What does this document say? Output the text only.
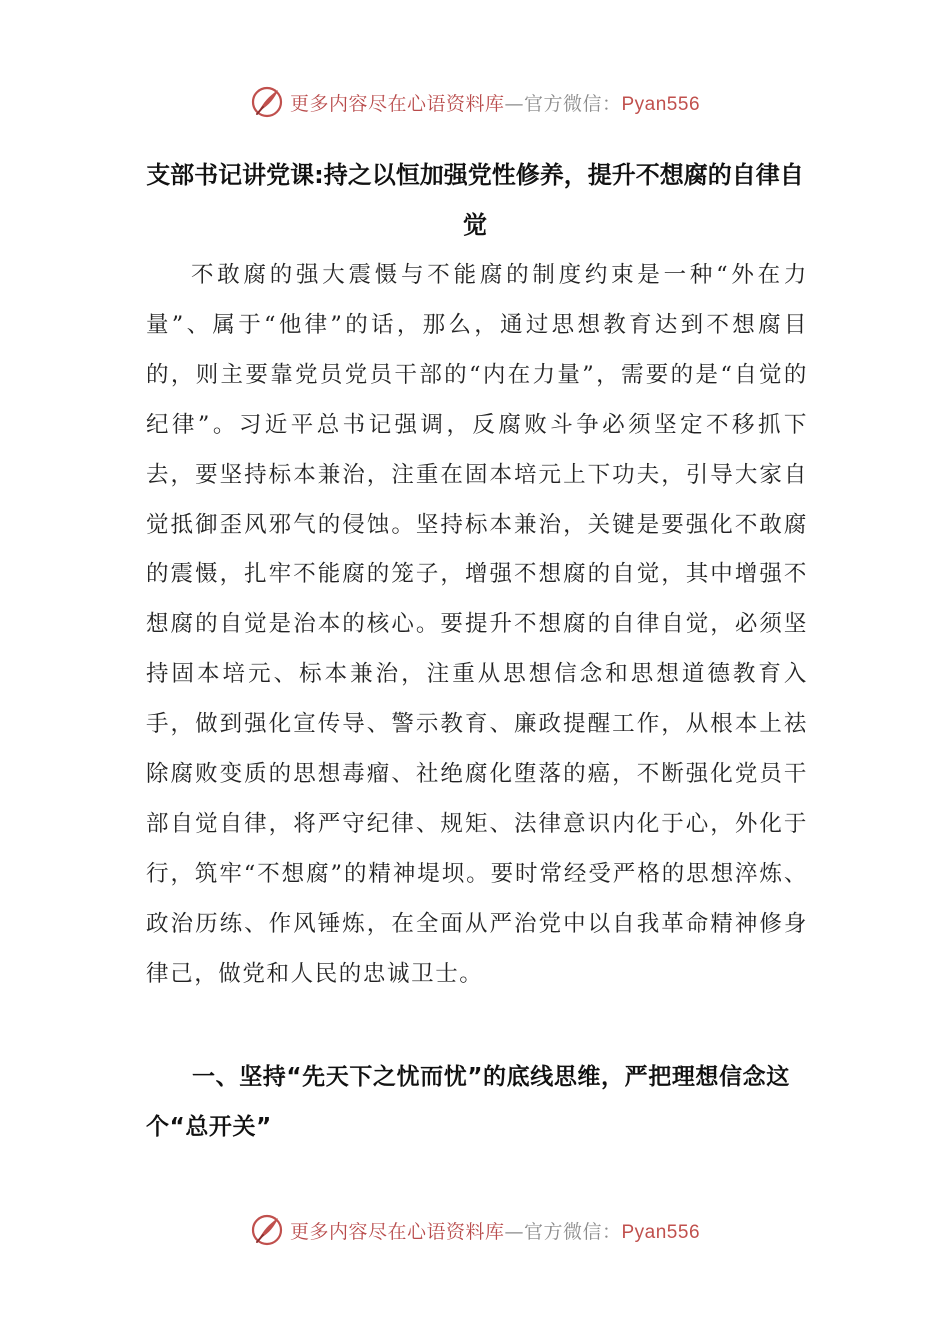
更多内容尽在心语资料库—官方微信：Pyan556
支部书记讲党课:持之以恒加强党性修养，提升不想腐的自律自觉

不敢腐的强大震慑与不能腐的制度约束是一种“外在力量”、属于“他律”的话，那么，通过思想教育达到不想腐目的，则主要靠党员党员干部的“内在力量”，需要的是“自觉的纪律”。习近平总书记强调，反腐败斗争必须坚定不移抓下去，要坚持标本兼治，注重在固本培元上下功夫，引导大家自觉抵御歪风邪气的侵蚀。坚持标本兼治，关键是要强化不敢腐的震慑，扎牢不能腐的笼子，增强不想腐的自觉，其中增强不想腐的自觉是治本的核心。要提升不想腐的自律自觉，必须坚持固本培元、标本兼治，注重从思想信念和思想道德教育入手，做到强化宣传导、警示教育、廉政提醒工作，从根本上祛除腐败变质的思想毒瘤、社绝腐化堕落的癌，不断强化党员干部自觉自律，将严守纪律、规矩、法律意识内化于心，外化于行，筑牢“不想腐”的精神堤坝。要时常经受严格的思想淬炼、政治历练、作风锤炼，在全面从严治党中以自我革命精神修身律己，做党和人民的忠诚卫士。

一、坚持“先天下之忧而忧”的底线思维，严把理想信念这个“总开关”

更多内容尽在心语资料库—官方微信：Pyan556
